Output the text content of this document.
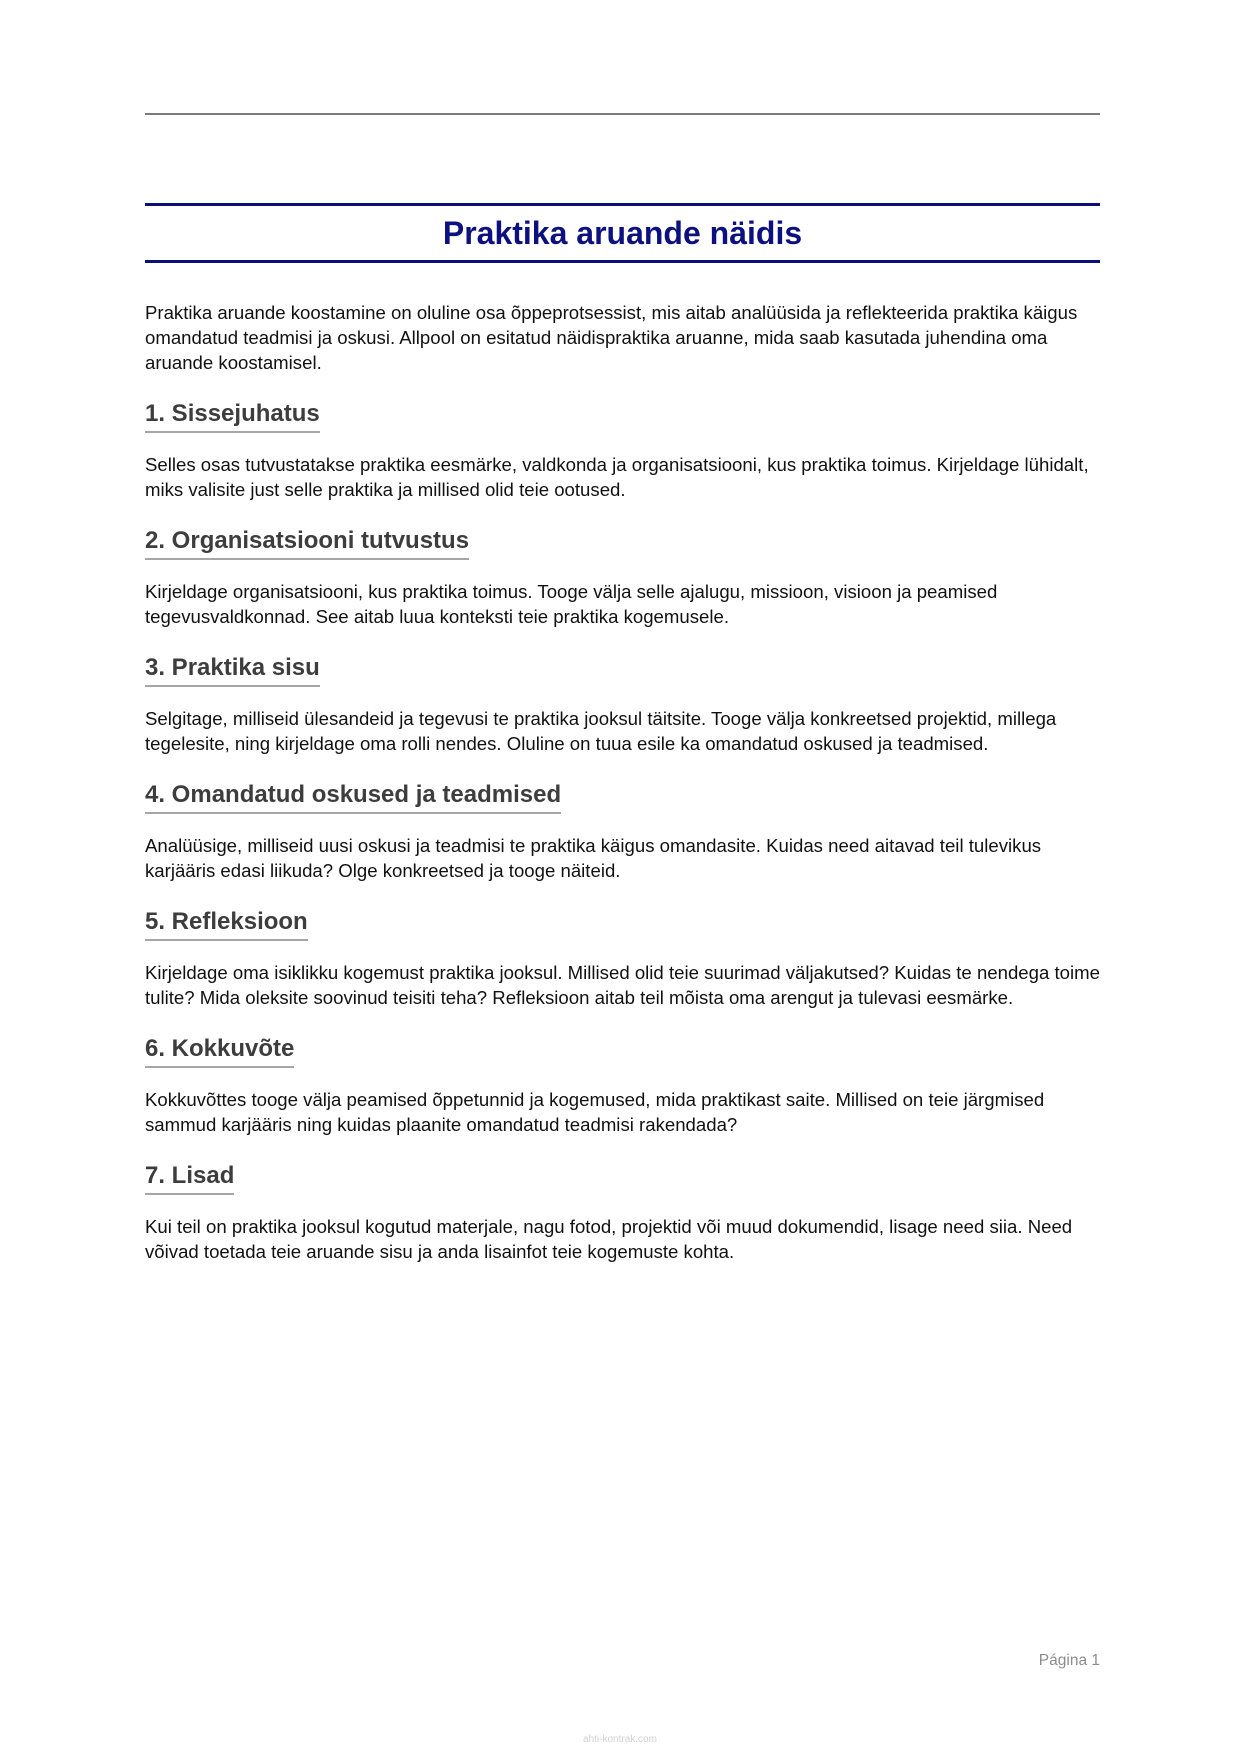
Praktika aruande näidis

Praktika aruande koostamine on oluline osa õppeprotsessist, mis aitab analüüsida ja reflekteerida praktika käigus omandatud teadmisi ja oskusi. Allpool on esitatud näidispraktika aruanne, mida saab kasutada juhendina oma aruande koostamisel.

1. Sissejuhatus

Selles osas tutvustatakse praktika eesmärke, valdkonda ja organisatsiooni, kus praktika toimus. Kirjeldage lühidalt, miks valisite just selle praktika ja millised olid teie ootused.

2. Organisatsiooni tutvustus

Kirjeldage organisatsiooni, kus praktika toimus. Tooge välja selle ajalugu, missioon, visioon ja peamised tegevusvaldkonnad. See aitab luua konteksti teie praktika kogemusele.

3. Praktika sisu

Selgitage, milliseid ülesandeid ja tegevusi te praktika jooksul täitsite. Tooge välja konkreetsed projektid, millega tegelesite, ning kirjeldage oma rolli nendes. Oluline on tuua esile ka omandatud oskused ja teadmised.

4. Omandatud oskused ja teadmised

Analüüsige, milliseid uusi oskusi ja teadmisi te praktika käigus omandasite. Kuidas need aitavad teil tulevikus karjääris edasi liikuda? Olge konkreetsed ja tooge näiteid.

5. Refleksioon

Kirjeldage oma isiklikku kogemust praktika jooksul. Millised olid teie suurimad väljakutsed? Kuidas te nendega toime tulite? Mida oleksite soovinud teisiti teha? Refleksioon aitab teil mõista oma arengut ja tulevasi eesmärke.

6. Kokkuvõte

Kokkuvõttes tooge välja peamised õppetunnid ja kogemused, mida praktikast saite. Millised on teie järgmised sammud karjääris ning kuidas plaanite omandatud teadmisi rakendada?

7. Lisad

Kui teil on praktika jooksul kogutud materjale, nagu fotod, projektid või muud dokumendid, lisage need siia. Need võivad toetada teie aruande sisu ja anda lisainfot teie kogemuste kohta.

Página 1
ahti-kontrak.com
